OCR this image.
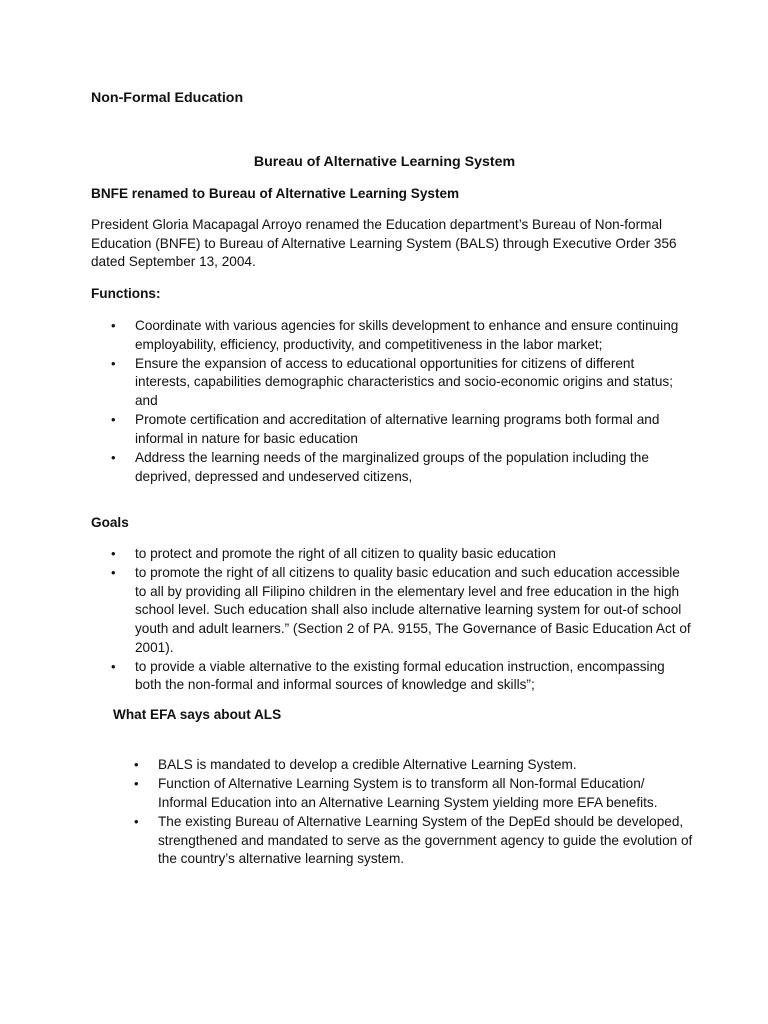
Non-Formal Education

Bureau of Alternative Learning System

BNFE renamed to Bureau of Alternative Learning System

President Gloria Macapagal Arroyo renamed the Education department’s Bureau of Non-formal Education (BNFE) to Bureau of Alternative Learning System (BALS) through Executive Order 356 dated September 13, 2004.

Functions:

• Coordinate with various agencies for skills development to enhance and ensure continuing employability, efficiency, productivity, and competitiveness in the labor market;
• Ensure the expansion of access to educational opportunities for citizens of different interests, capabilities demographic characteristics and socio-economic origins and status; and
• Promote certification and accreditation of alternative learning programs both formal and informal in nature for basic education
• Address the learning needs of the marginalized groups of the population including the deprived, depressed and undeserved citizens,

Goals

• to protect and promote the right of all citizen to quality basic education
• to promote the right of all citizens to quality basic education and such education accessible to all by providing all Filipino children in the elementary level and free education in the high school level. Such education shall also include alternative learning system for out-of school youth and adult learners.” (Section 2 of PA. 9155, The Governance of Basic Education Act of 2001).
• to provide a viable alternative to the existing formal education instruction, encompassing both the non-formal and informal sources of knowledge and skills”;

What EFA says about ALS

• BALS is mandated to develop a credible Alternative Learning System.
• Function of Alternative Learning System is to transform all Non-formal Education/ Informal Education into an Alternative Learning System yielding more EFA benefits.
• The existing Bureau of Alternative Learning System of the DepEd should be developed, strengthened and mandated to serve as the government agency to guide the evolution of the country’s alternative learning system.
